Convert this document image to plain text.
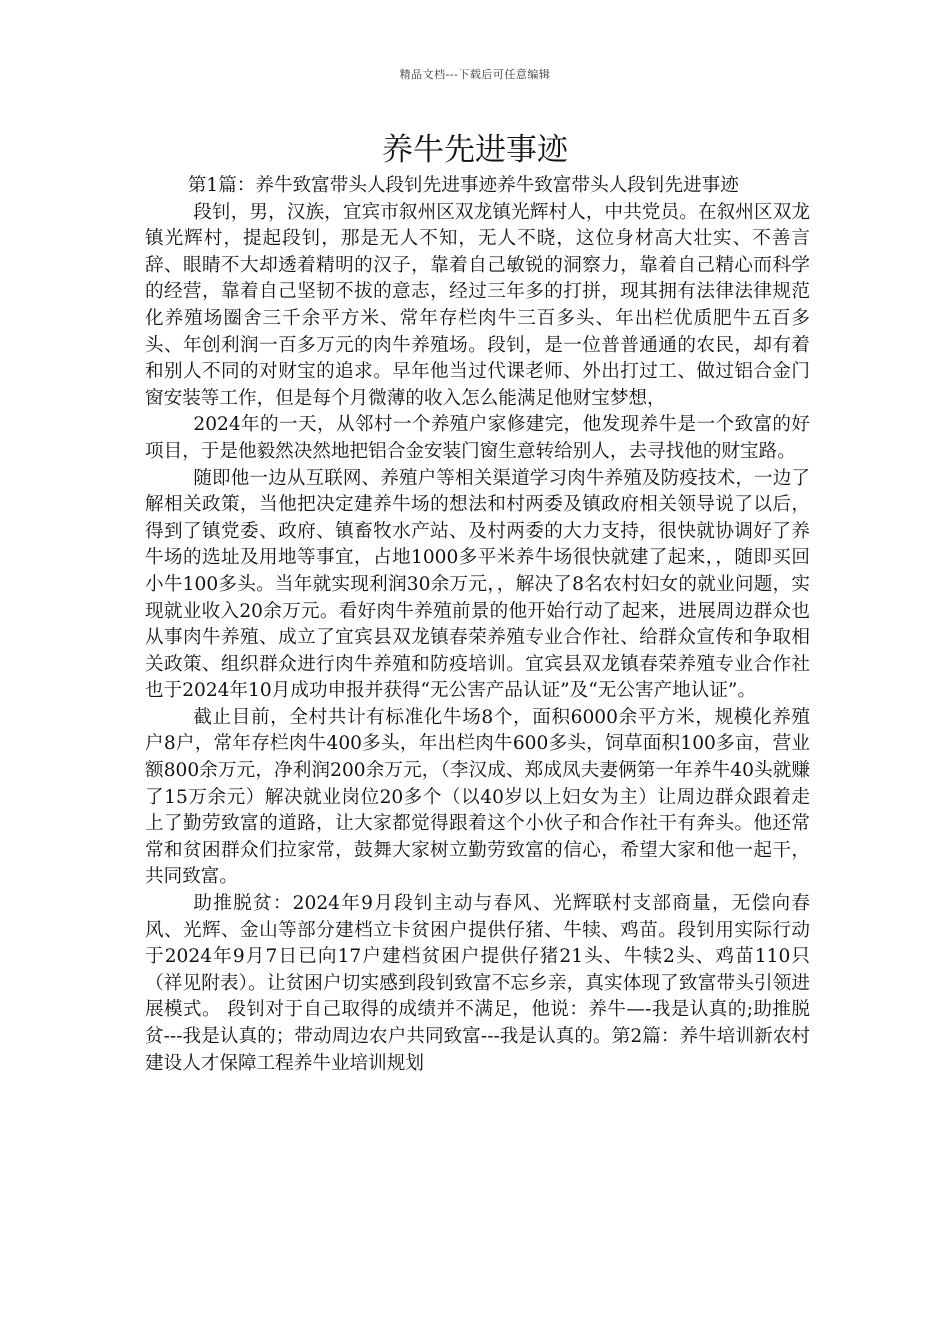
精品文档---下载后可任意编辑
养牛先进事迹

第1篇：养牛致富带头人段钊先进事迹养牛致富带头人段钊先进事迹

段钊，男，汉族，宜宾市叙州区双龙镇光辉村人，中共党员。在叙州区双龙镇光辉村，提起段钊，那是无人不知，无人不晓，这位身材高大壮实、不善言辞、眼睛不大却透着精明的汉子，靠着自己敏锐的洞察力，靠着自己精心而科学的经营，靠着自己坚韧不拔的意志，经过三年多的打拼，现其拥有法律法律规范化养殖场圈舍三千余平方米、常年存栏肉牛三百多头、年出栏优质肥牛五百多头、年创利润一百多万元的肉牛养殖场。段钊，是一位普普通通的农民，却有着和别人不同的对财宝的追求。早年他当过代课老师、外出打过工、做过铝合金门窗安装等工作，但是每个月微薄的收入怎么能满足他财宝梦想，

2024年的一天，从邻村一个养殖户家修建完，他发现养牛是一个致富的好项目，于是他毅然决然地把铝合金安装门窗生意转给别人，去寻找他的财宝路。

随即他一边从互联网、养殖户等相关渠道学习肉牛养殖及防疫技术，一边了解相关政策，当他把决定建养牛场的想法和村两委及镇政府相关领导说了以后，得到了镇党委、政府、镇畜牧水产站、及村两委的大力支持，很快就协调好了养牛场的选址及用地等事宜，占地1000多平米养牛场很快就建了起来，，随即买回小牛100多头。当年就实现利润30余万元，，解决了8名农村妇女的就业问题，实现就业收入20余万元。看好肉牛养殖前景的他开始行动了起来，进展周边群众也从事肉牛养殖、成立了宜宾县双龙镇春荣养殖专业合作社、给群众宣传和争取相关政策、组织群众进行肉牛养殖和防疫培训。宜宾县双龙镇春荣养殖专业合作社也于2024年10月成功申报并获得“无公害产品认证”及“无公害产地认证”。

截止目前，全村共计有标准化牛场8个，面积6000余平方米，规模化养殖户8户，常年存栏肉牛400多头，年出栏肉牛600多头，饲草面积100多亩，营业额800余万元，净利润200余万元，（李汉成、郑成凤夫妻俩第一年养牛40头就赚了15万余元）解决就业岗位20多个（以40岁以上妇女为主）让周边群众跟着走上了勤劳致富的道路，让大家都觉得跟着这个小伙子和合作社干有奔头。他还常常和贫困群众们拉家常，鼓舞大家树立勤劳致富的信心，希望大家和他一起干，共同致富。

助推脱贫：2024年9月段钊主动与春风、光辉联村支部商量，无偿向春风、光辉、金山等部分建档立卡贫困户提供仔猪、牛犊、鸡苗。段钊用实际行动于2024年9月7日已向17户建档贫困户提供仔猪21头、牛犊2头、鸡苗110只（祥见附表）。让贫困户切实感到段钊致富不忘乡亲，真实体现了致富带头引领进展模式。 段钊对于自己取得的成绩并不满足，他说：养牛—-我是认真的;助推脱贫---我是认真的；带动周边农户共同致富---我是认真的。第2篇：养牛培训新农村建设人才保障工程养牛业培训规划
